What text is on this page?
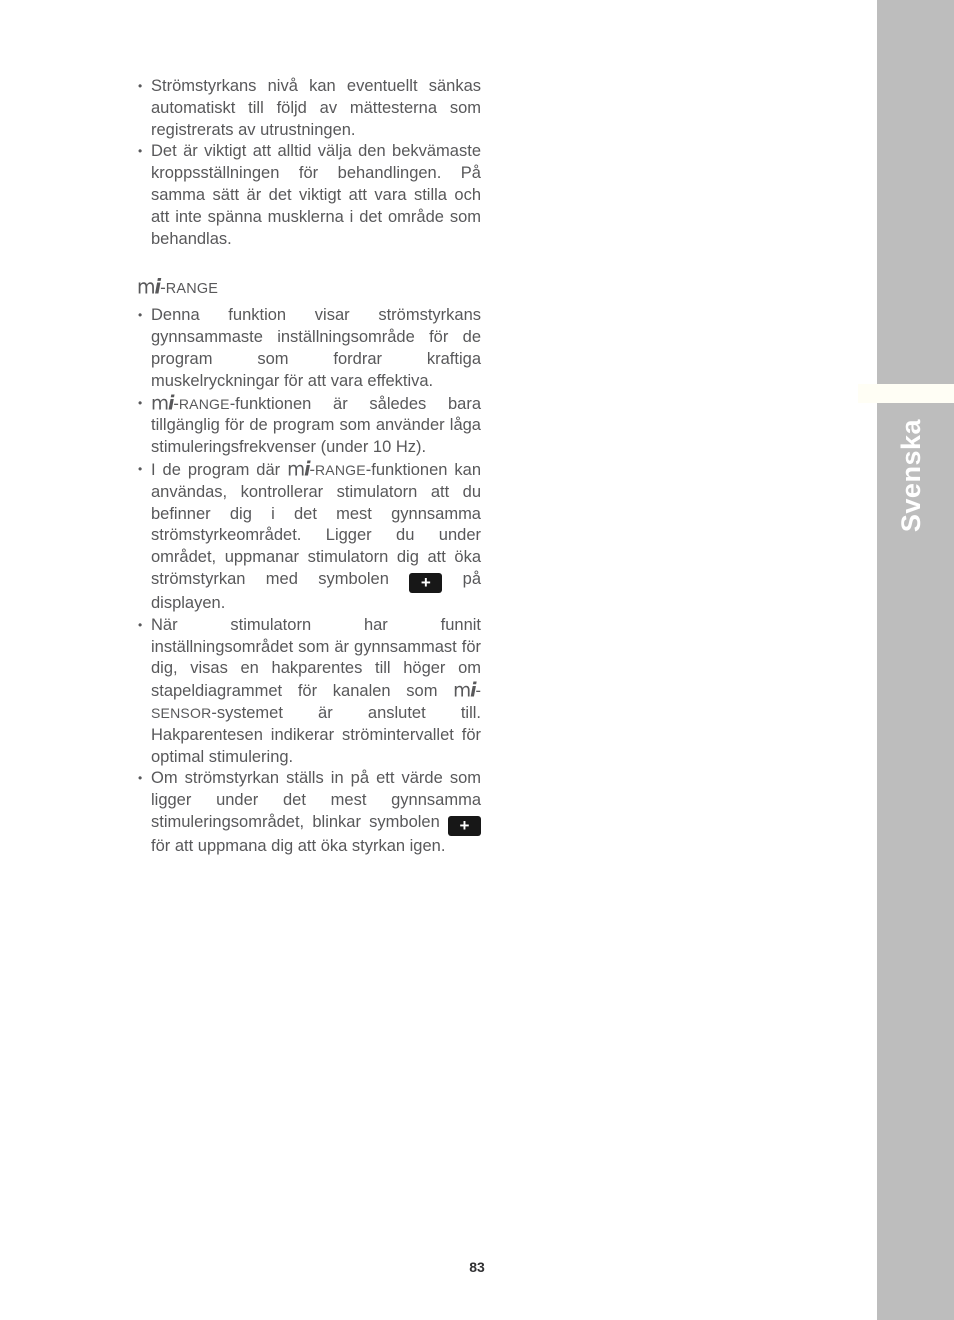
• Strömstyrkans nivå kan eventuellt sänkas automatiskt till följd av mättesterna som registrerats av utrustningen.
• Det är viktigt att alltid välja den bekvämaste kroppsställningen för behandlingen. På samma sätt är det viktigt att vara stilla och att inte spänna musklerna i det område som behandlas.
mi-RANGE
• Denna funktion visar strömstyrkans gynnsammaste inställningsområde för de program som fordrar kraftiga muskelryckningar för att vara effektiva.
• mi-RANGE-funktionen är således bara tillgänglig för de program som använder låga stimuleringsfrekvenser (under 10 Hz).
• I de program där mi-RANGE-funktionen kan användas, kontrollerar stimulatorn att du befinner dig i det mest gynnsamma strömstyrkeområdet. Ligger du under området, uppmanar stimulatorn dig att öka strömstyrkan med symbolen + på displayen.
• När stimulatorn har funnit inställningsområdet som är gynnsammast för dig, visas en hakparentes till höger om stapeldiagrammet för kanalen som mi-SENSOR-systemet är anslutet till. Hakparentesen indikerar strömintervallet för optimal stimulering.
• Om strömstyrkan ställs in på ett värde som ligger under det mest gynnsamma stimuleringsområdet, blinkar symbolen + för att uppmana dig att öka styrkan igen.
Svenska
83
